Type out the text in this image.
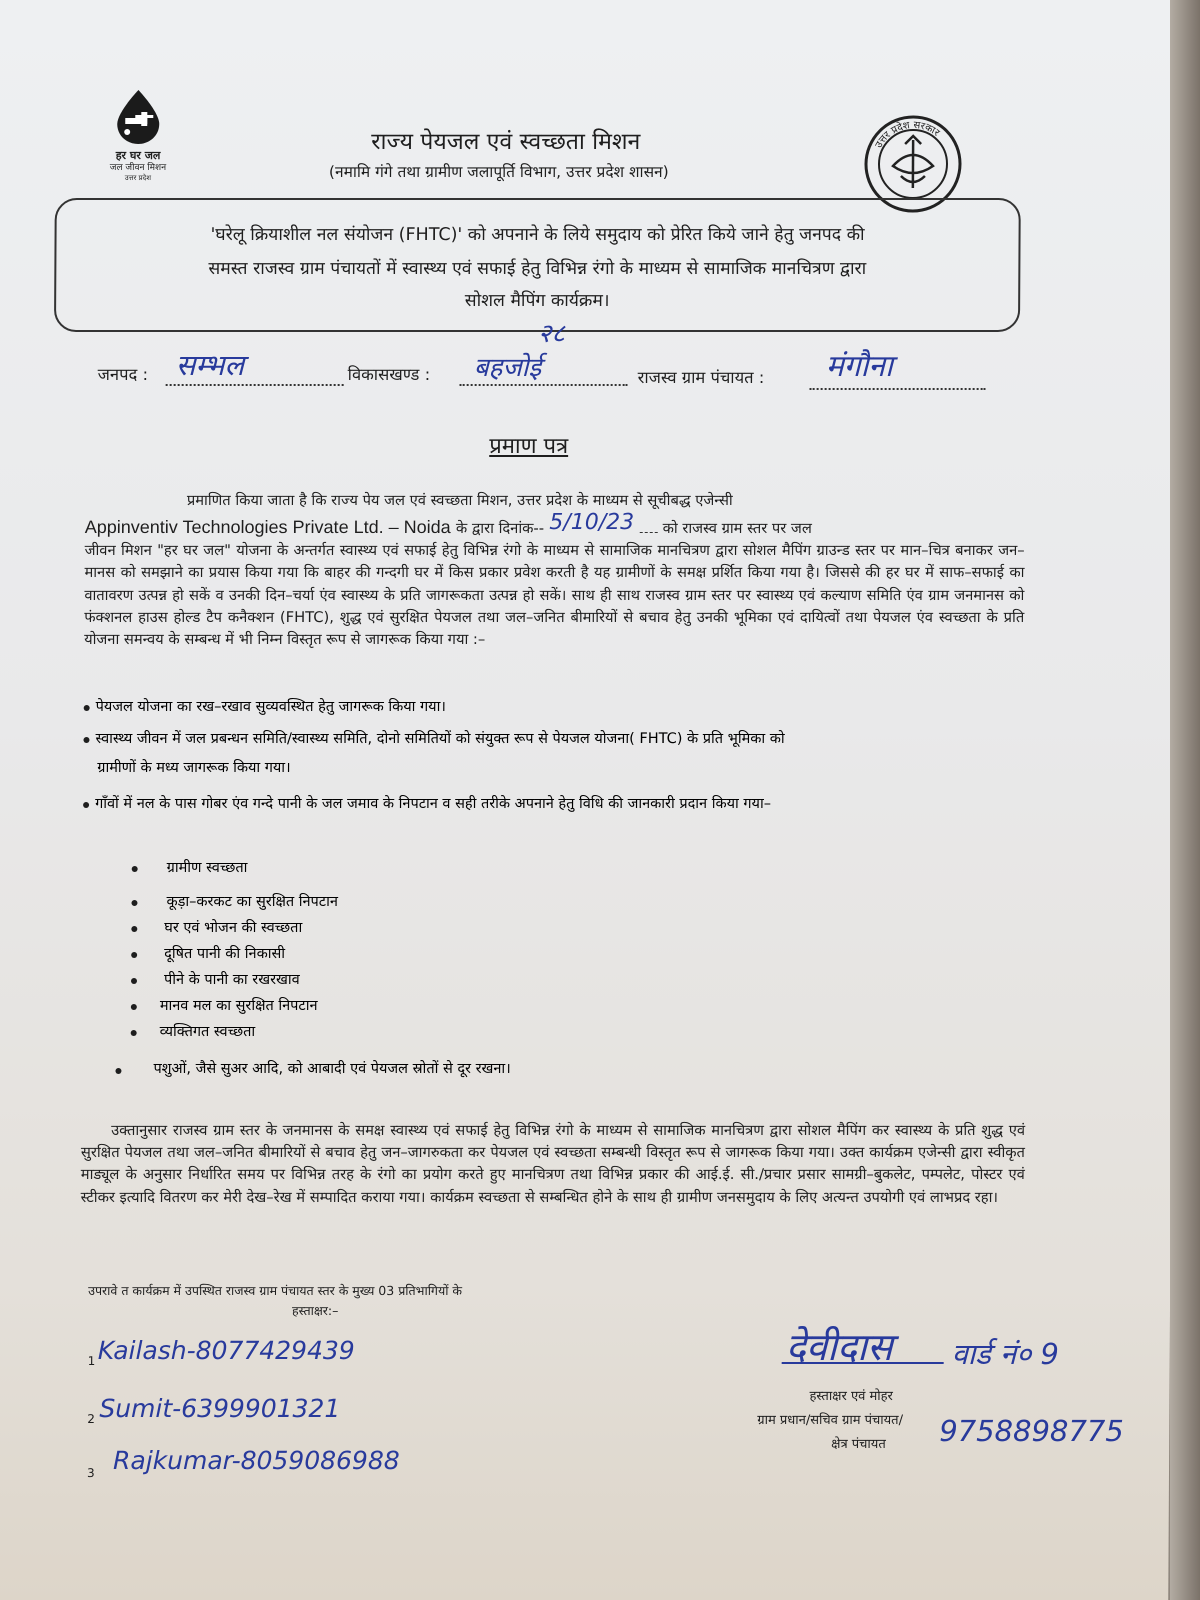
हर घर जल
जल जीवन मिशन
उत्तर प्रदेश
राज्य पेयजल एवं स्वच्छता मिशन
(नमामि गंगे तथा ग्रामीण जलापूर्ति विभाग, उत्तर प्रदेश शासन)
उत्तर प्रदेश सरकार
'घरेलू क्रियाशील नल संयोजन (FHTC)' को अपनाने के लिये समुदाय को प्रेरित किये जाने हेतु जनपद की
समस्त राजस्व ग्राम पंचायतों में स्वास्थ्य एवं सफाई हेतु विभिन्न रंगो के माध्यम से सामाजिक मानचित्रण द्वारा
सोशल मैपिंग कार्यक्रम।
जनपद : सम्भल	विकासखण्ड : बहजोई
२८
राजस्व ग्राम पंचायत : मंगौना
प्रमाण पत्र
प्रमाणित किया जाता है कि राज्य पेय जल एवं स्वच्छता मिशन, उत्तर प्रदेश के माध्यम से सूचीबद्ध एजेन्सी
Appinventiv Technologies Private Ltd. – Noida के द्वारा दिनांक-- 5/10/23 को राजस्व ग्राम स्तर पर जल
जीवन मिशन "हर घर जल" योजना के अन्तर्गत स्वास्थ्य एवं सफाई हेतु विभिन्न रंगो के माध्यम से सामाजिक मानचित्रण द्वारा सोशल मैपिंग ग्राउन्ड स्तर पर मान–चित्र बनाकर जन–मानस को समझाने का प्रयास किया गया कि बाहर की गन्दगी घर में किस प्रकार प्रवेश करती है यह ग्रामीणों के समक्ष प्रर्शित किया गया है। जिससे की हर घर में साफ–सफाई का वातावरण उत्पन्न हो सकें व उनकी दिन–चर्या एंव स्वास्थ्य के प्रति जागरूकता उत्पन्न हो सकें। साथ ही साथ राजस्व ग्राम स्तर पर स्वास्थ्य एवं कल्याण समिति एंव ग्राम जनमानस को फंक्शनल हाउस होल्ड टैप कनैक्शन (FHTC), शुद्ध एवं सुरक्षित पेयजल तथा जल–जनित बीमारियों से बचाव हेतु उनकी भूमिका एवं दायित्वों तथा पेयजल एंव स्वच्छता के प्रति योजना समन्वय के सम्बन्ध में भी निम्न विस्तृत रूप से जागरूक किया गया :–
पेयजल योजना का रख–रखाव सुव्यवस्थित हेतु जागरूक किया गया।
स्वास्थ्य जीवन में जल प्रबन्धन समिति/स्वास्थ्य समिति, दोनो समितियों को संयुक्त रूप से पेयजल योजना( FHTC) के प्रति भूमिका को
ग्रामीणों के मध्य जागरूक किया गया।
गाँवों में नल के पास गोबर एंव गन्दे पानी के जल जमाव के निपटान व सही तरीके अपनाने हेतु विधि की जानकारी प्रदान किया गया–
ग्रामीण स्वच्छता
कूड़ा–करकट का सुरक्षित निपटान
घर एवं भोजन की स्वच्छता
दूषित पानी की निकासी
पीने के पानी का रखरखाव
मानव मल का सुरक्षित निपटान
व्यक्तिगत स्वच्छता
पशुओं, जैसे सुअर आदि, को आबादी एवं पेयजल स्रोतों से दूर रखना।
उक्तानुसार राजस्व ग्राम स्तर के जनमानस के समक्ष स्वास्थ्य एवं सफाई हेतु विभिन्न रंगो के माध्यम से सामाजिक मानचित्रण द्वारा सोशल मैपिंग कर स्वास्थ्य के प्रति शुद्ध एवं सुरक्षित पेयजल तथा जल–जनित बीमारियों से बचाव हेतु जन–जागरुकता कर पेयजल एवं स्वच्छता सम्बन्धी विस्तृत रूप से जागरूक किया गया। उक्त कार्यक्रम एजेन्सी द्वारा स्वीकृत माड्यूल के अनुसार निर्धारित समय पर विभिन्न तरह के रंगो का प्रयोग करते हुए मानचित्रण तथा विभिन्न प्रकार की आई.ई. सी./प्रचार प्रसार सामग्री–बुकलेट, पम्पलेट, पोस्टर एवं स्टीकर इत्यादि वितरण कर मेरी देख–रेख में सम्पादित कराया गया। कार्यक्रम स्वच्छता से सम्बन्धित होने के साथ ही ग्रामीण जनसमुदाय के लिए अत्यन्त उपयोगी एवं लाभप्रद रहा।
उपरावे त कार्यक्रम में उपस्थित राजस्व ग्राम पंचायत स्तर के मुख्य 03 प्रतिभागियों के
हस्ताक्षर:–
1 Kailash-8077429439
2 Sumit-6399901321
3 Rajkumar-8059086988
देवीदास वार्ड नं० 9
हस्ताक्षर एवं मोहर
ग्राम प्रधान/सचिव ग्राम पंचायत/
क्षेत्र पंचायत 9758898775
